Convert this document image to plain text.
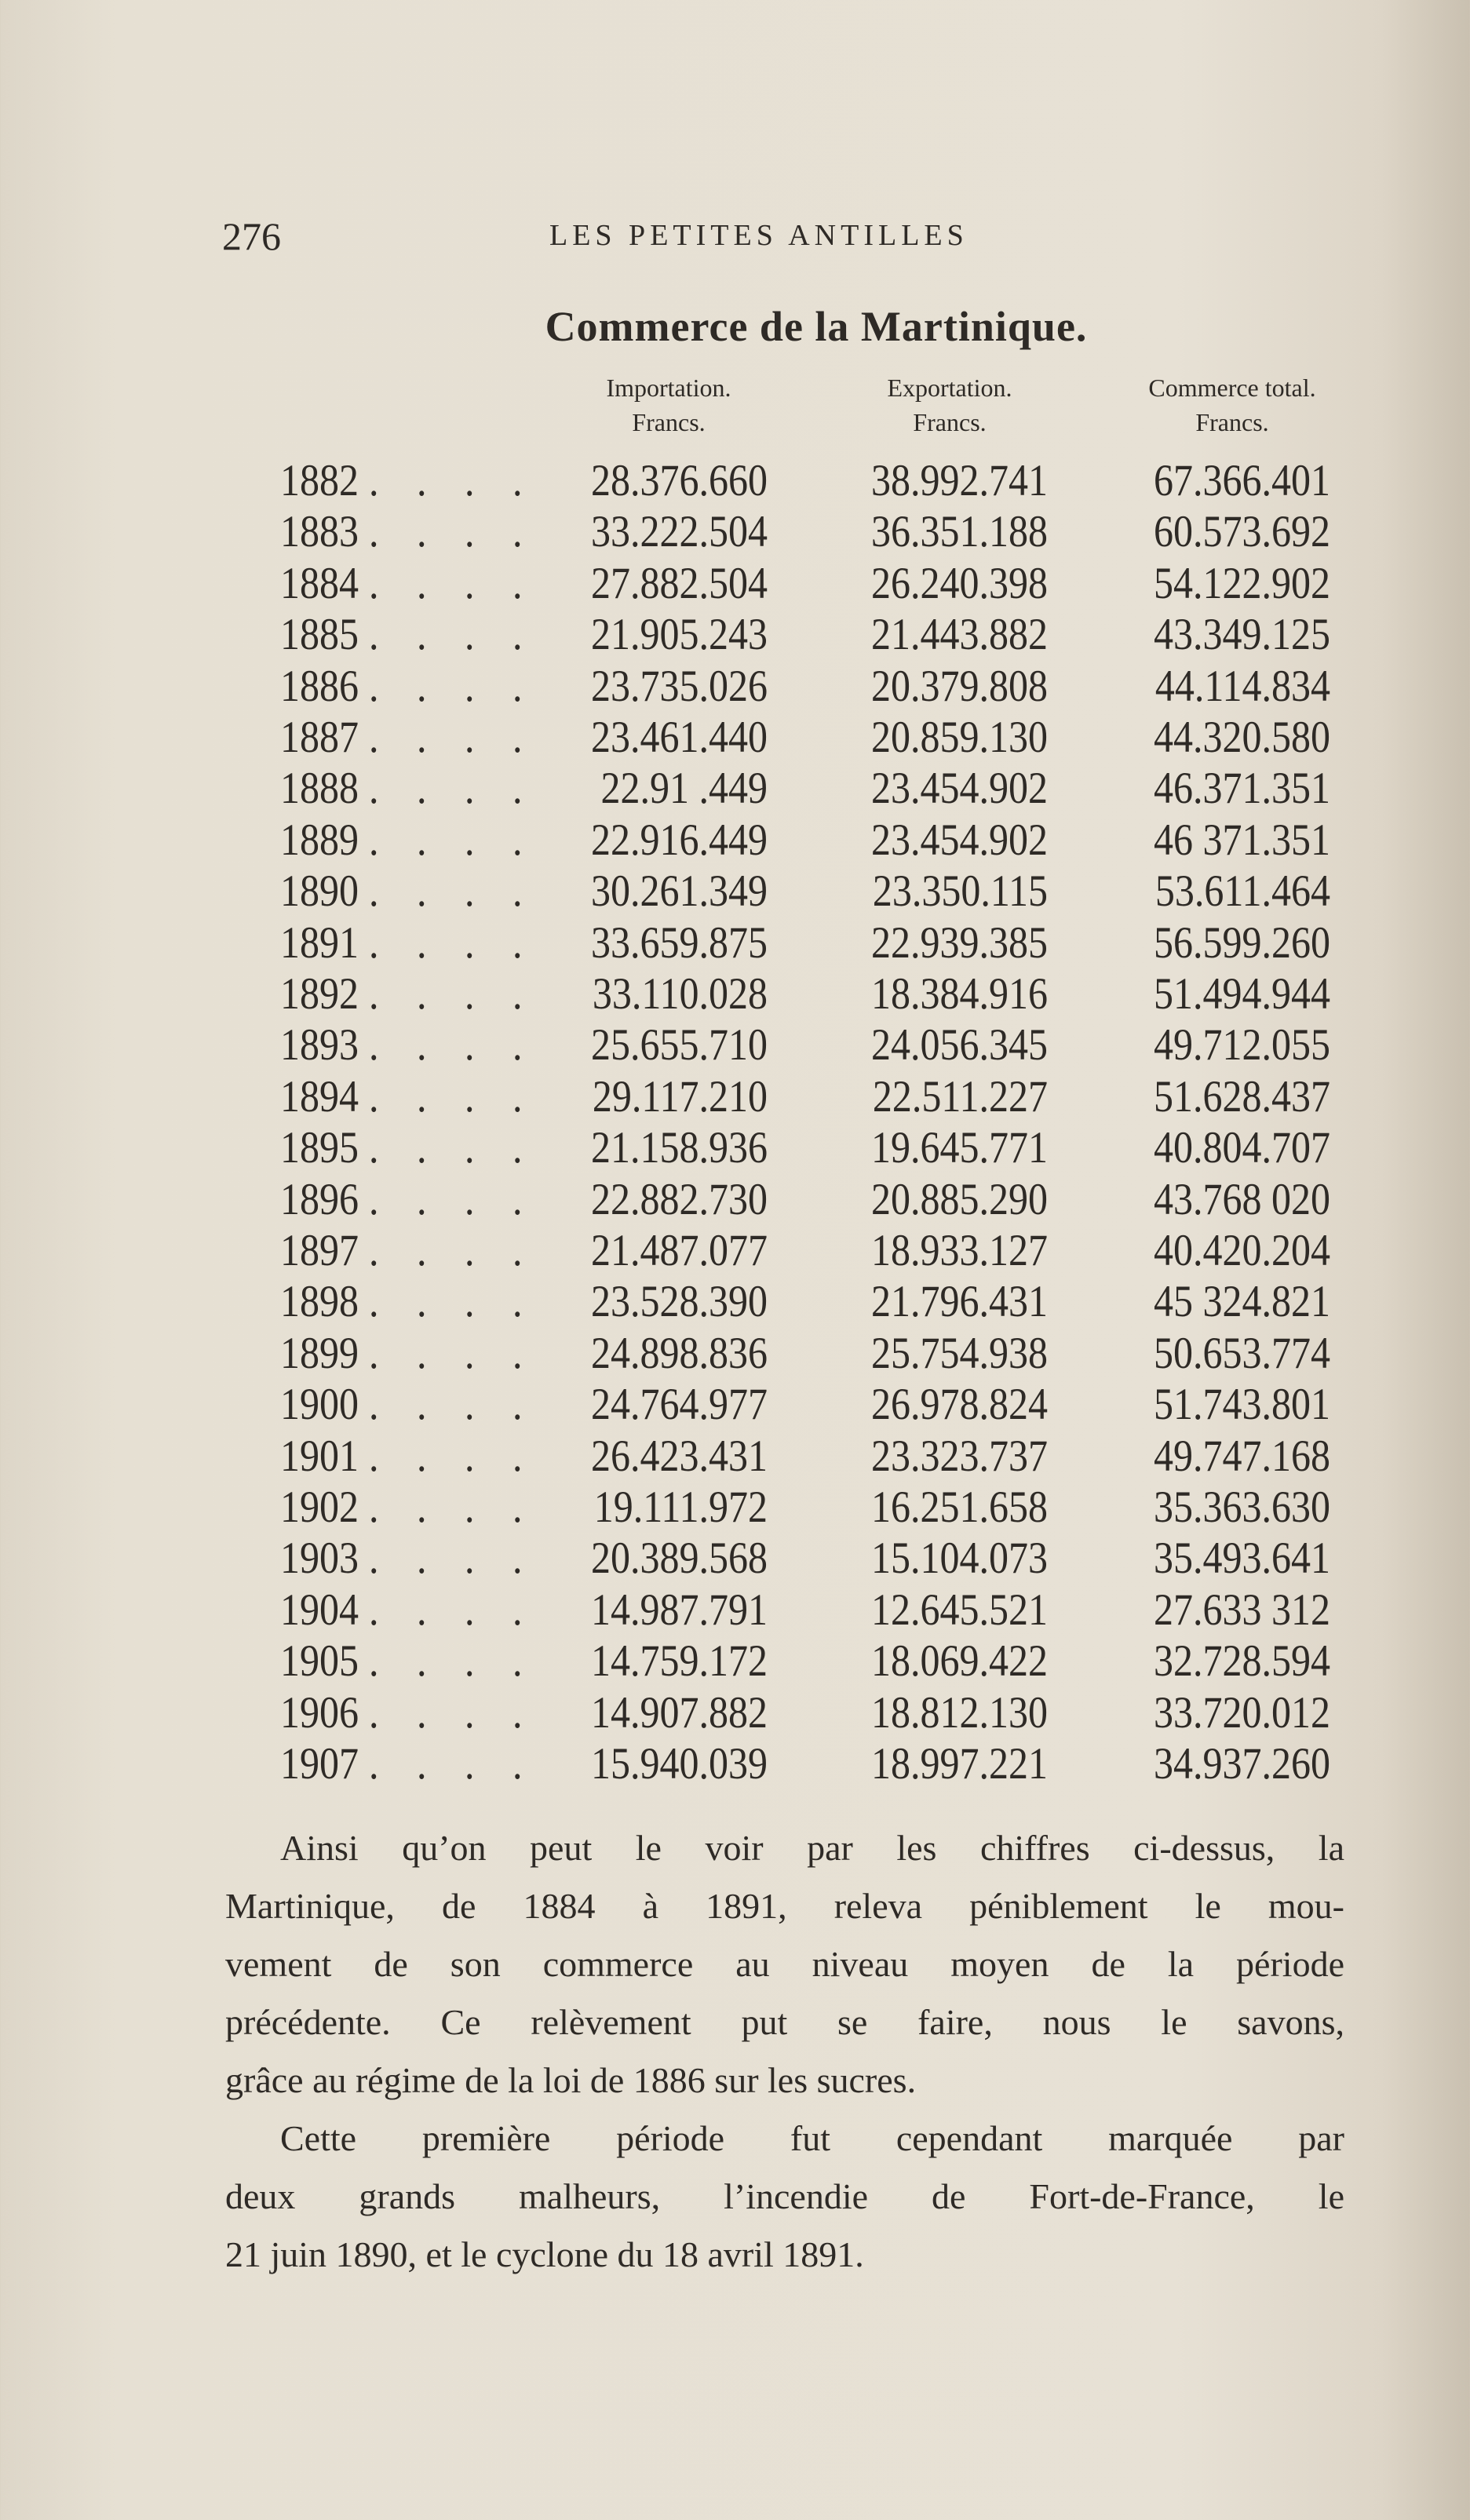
276	LES PETITES ANTILLES
Commerce de la Martinique.
Importation.
Francs.
Exportation.
Francs.
Commerce total.
Francs.
1882 . . . . 28.376.660	38.992.741	67.366.401
1883 . . . . 33.222.504	36.351.188	60.573.692
1884 . . . . 27.882.504	26.240.398	54.122.902
1885 . . . . 21.905.243	21.443.882	43.349.125
1886 . . . . 23.735.026	20.379.808	44.114.834
1887 . . . . 23.461.440	20.859.130	44.320.580
1888 . . . . 22.91 .449	23.454.902	46.371.351
1889 . . . . 22.916.449	23.454.902	46 371.351
1890 . . . . 30.261.349	23.350.115	53.611.464
1891 . . . . 33.659.875	22.939.385	56.599.260
1892 . . . . 33.110.028	18.384.916	51.494.944
1893 . . . . 25.655.710	24.056.345	49.712.055
1894 . . . . 29.117.210	22.511.227	51.628.437
1895 . . . . 21.158.936	19.645.771	40.804.707
1896 . . . . 22.882.730	20.885.290	43.768 020
1897 . . . . 21.487.077	18.933.127	40.420.204
1898 . . . . 23.528.390	21.796.431	45 324.821
1899 . . . . 24.898.836	25.754.938	50.653.774
1900 . . . . 24.764.977	26.978.824	51.743.801
1901 . . . . 26.423.431	23.323.737	49.747.168
1902 . . . . 19.111.972	16.251.658	35.363.630
1903 . . . . 20.389.568	15.104.073	35.493.641
1904 . . . . 14.987.791	12.645.521	27.633 312
1905 . . . . 14.759.172	18.069.422	32.728.594
1906 . . . . 14.907.882	18.812.130	33.720.012
1907 . . . . 15.940.039	18.997.221	34.937.260
Ainsi qu’on peut le voir par les chiffres ci-dessus, la
Martinique, de 1884 à 1891, releva péniblement le mou-
vement de son commerce au niveau moyen de la période
précédente. Ce relèvement put se faire, nous le savons,
grâce au régime de la loi de 1886 sur les sucres.
Cette première période fut cependant marquée par
deux grands malheurs, l’incendie de Fort-de-France, le
21 juin 1890, et le cyclone du 18 avril 1891.
